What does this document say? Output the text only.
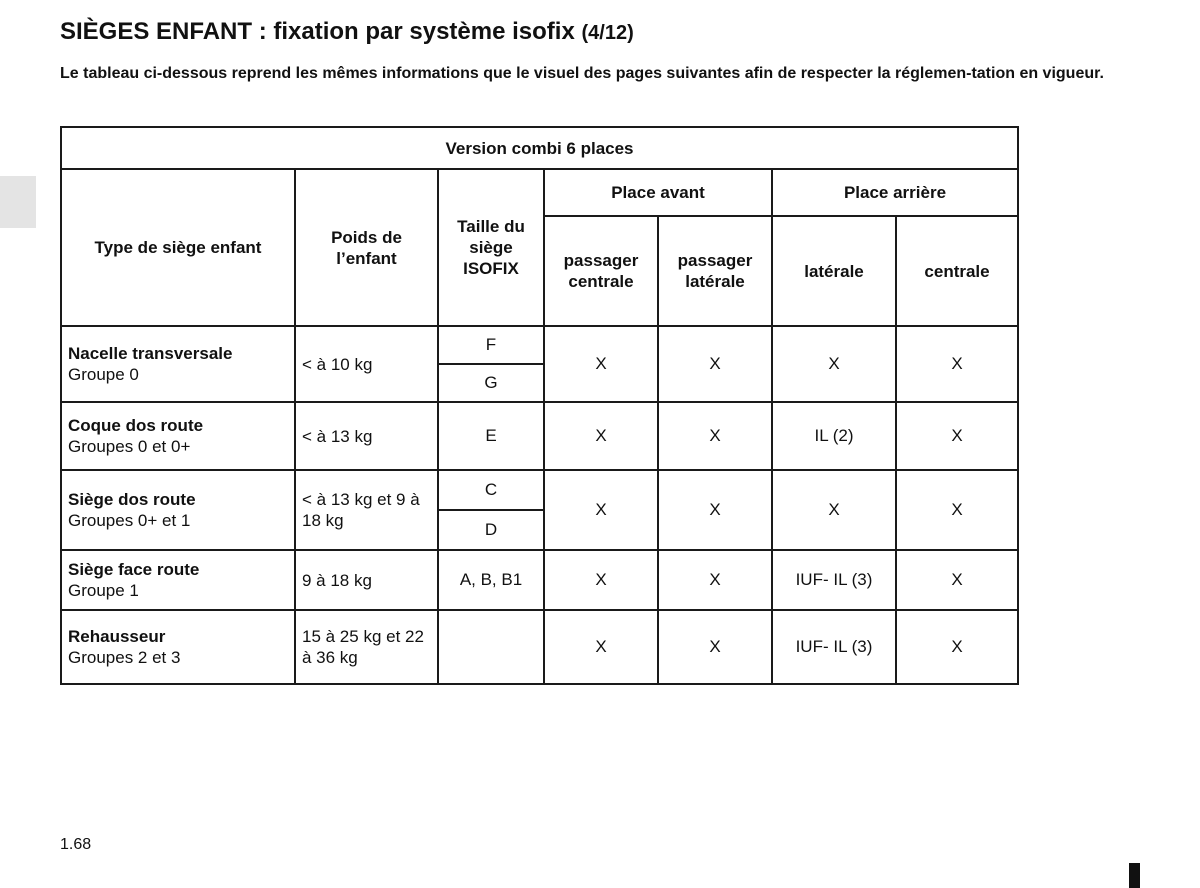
SIÈGES ENFANT : fixation par système isofix (4/12)

Le tableau ci-dessous reprend les mêmes informations que le visuel des pages suivantes afin de respecter la réglemen-tation en vigueur.

Version combi 6 places						
Type de siège enfant	Poids de l’enfant	Taille du siège ISOFIX	Place avant		Place arrière	
			passager centrale	passager latérale	latérale	centrale

Nacelle transversale
Groupe 0	< à 10 kg	F	X	X	X	X
		G				

Coque dos route
Groupes 0 et 0+	< à 13 kg	E	X	X	IL (2)	X

Siège dos route
Groupes 0+ et 1	< à 13 kg et 9 à 18 kg	C	X	X	X	X
		D				

Siège face route
Groupe 1	9 à 18 kg	A, B, B1	X	X	IUF- IL (3)	X

Rehausseur
Groupes 2 et 3	15 à 25 kg et 22 à 36 kg		X	X	IUF- IL (3)	X

1.68
